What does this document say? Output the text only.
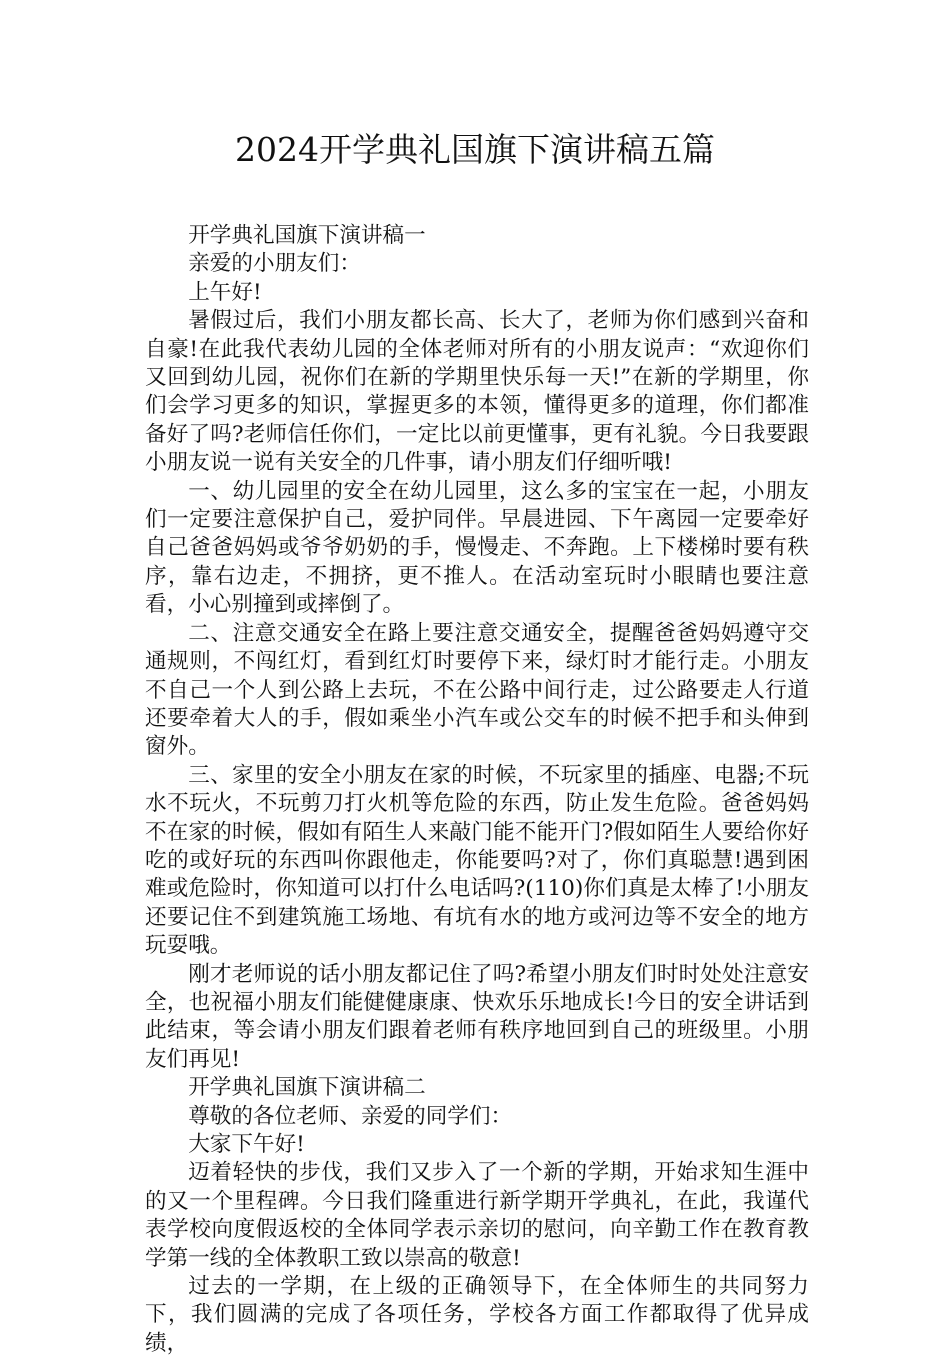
2024开学典礼国旗下演讲稿五篇

开学典礼国旗下演讲稿一

亲爱的小朋友们：

上午好!

暑假过后，我们小朋友都长高、长大了，老师为你们感到兴奋和自豪!在此我代表幼儿园的全体老师对所有的小朋友说声：“欢迎你们又回到幼儿园，祝你们在新的学期里快乐每一天!”在新的学期里，你们会学习更多的知识，掌握更多的本领，懂得更多的道理，你们都准备好了吗?老师信任你们，一定比以前更懂事，更有礼貌。今日我要跟小朋友说一说有关安全的几件事，请小朋友们仔细听哦!

一、幼儿园里的安全在幼儿园里，这么多的宝宝在一起，小朋友们一定要注意保护自己，爱护同伴。早晨进园、下午离园一定要牵好自己爸爸妈妈或爷爷奶奶的手，慢慢走、不奔跑。上下楼梯时要有秩序，靠右边走，不拥挤，更不推人。在活动室玩时小眼睛也要注意看，小心别撞到或摔倒了。

二、注意交通安全在路上要注意交通安全，提醒爸爸妈妈遵守交通规则，不闯红灯，看到红灯时要停下来，绿灯时才能行走。小朋友不自己一个人到公路上去玩，不在公路中间行走，过公路要走人行道还要牵着大人的手，假如乘坐小汽车或公交车的时候不把手和头伸到窗外。

三、家里的安全小朋友在家的时候，不玩家里的插座、电器;不玩水不玩火，不玩剪刀打火机等危险的东西，防止发生危险。爸爸妈妈不在家的时候，假如有陌生人来敲门能不能开门?假如陌生人要给你好吃的或好玩的东西叫你跟他走，你能要吗?对了，你们真聪慧!遇到困难或危险时，你知道可以打什么电话吗?(110)你们真是太棒了!小朋友还要记住不到建筑施工场地、有坑有水的地方或河边等不安全的地方玩耍哦。

刚才老师说的话小朋友都记住了吗?希望小朋友们时时处处注意安全，也祝福小朋友们能健健康康、快欢乐乐地成长!今日的安全讲话到此结束，等会请小朋友们跟着老师有秩序地回到自己的班级里。小朋友们再见!

开学典礼国旗下演讲稿二

尊敬的各位老师、亲爱的同学们：

大家下午好!

迈着轻快的步伐，我们又步入了一个新的学期，开始求知生涯中的又一个里程碑。今日我们隆重进行新学期开学典礼，在此，我谨代表学校向度假返校的全体同学表示亲切的慰问，向辛勤工作在教育教学第一线的全体教职工致以崇高的敬意!

过去的一学期，在上级的正确领导下，在全体师生的共同努力下，我们圆满的完成了各项任务，学校各方面工作都取得了优异成绩，
